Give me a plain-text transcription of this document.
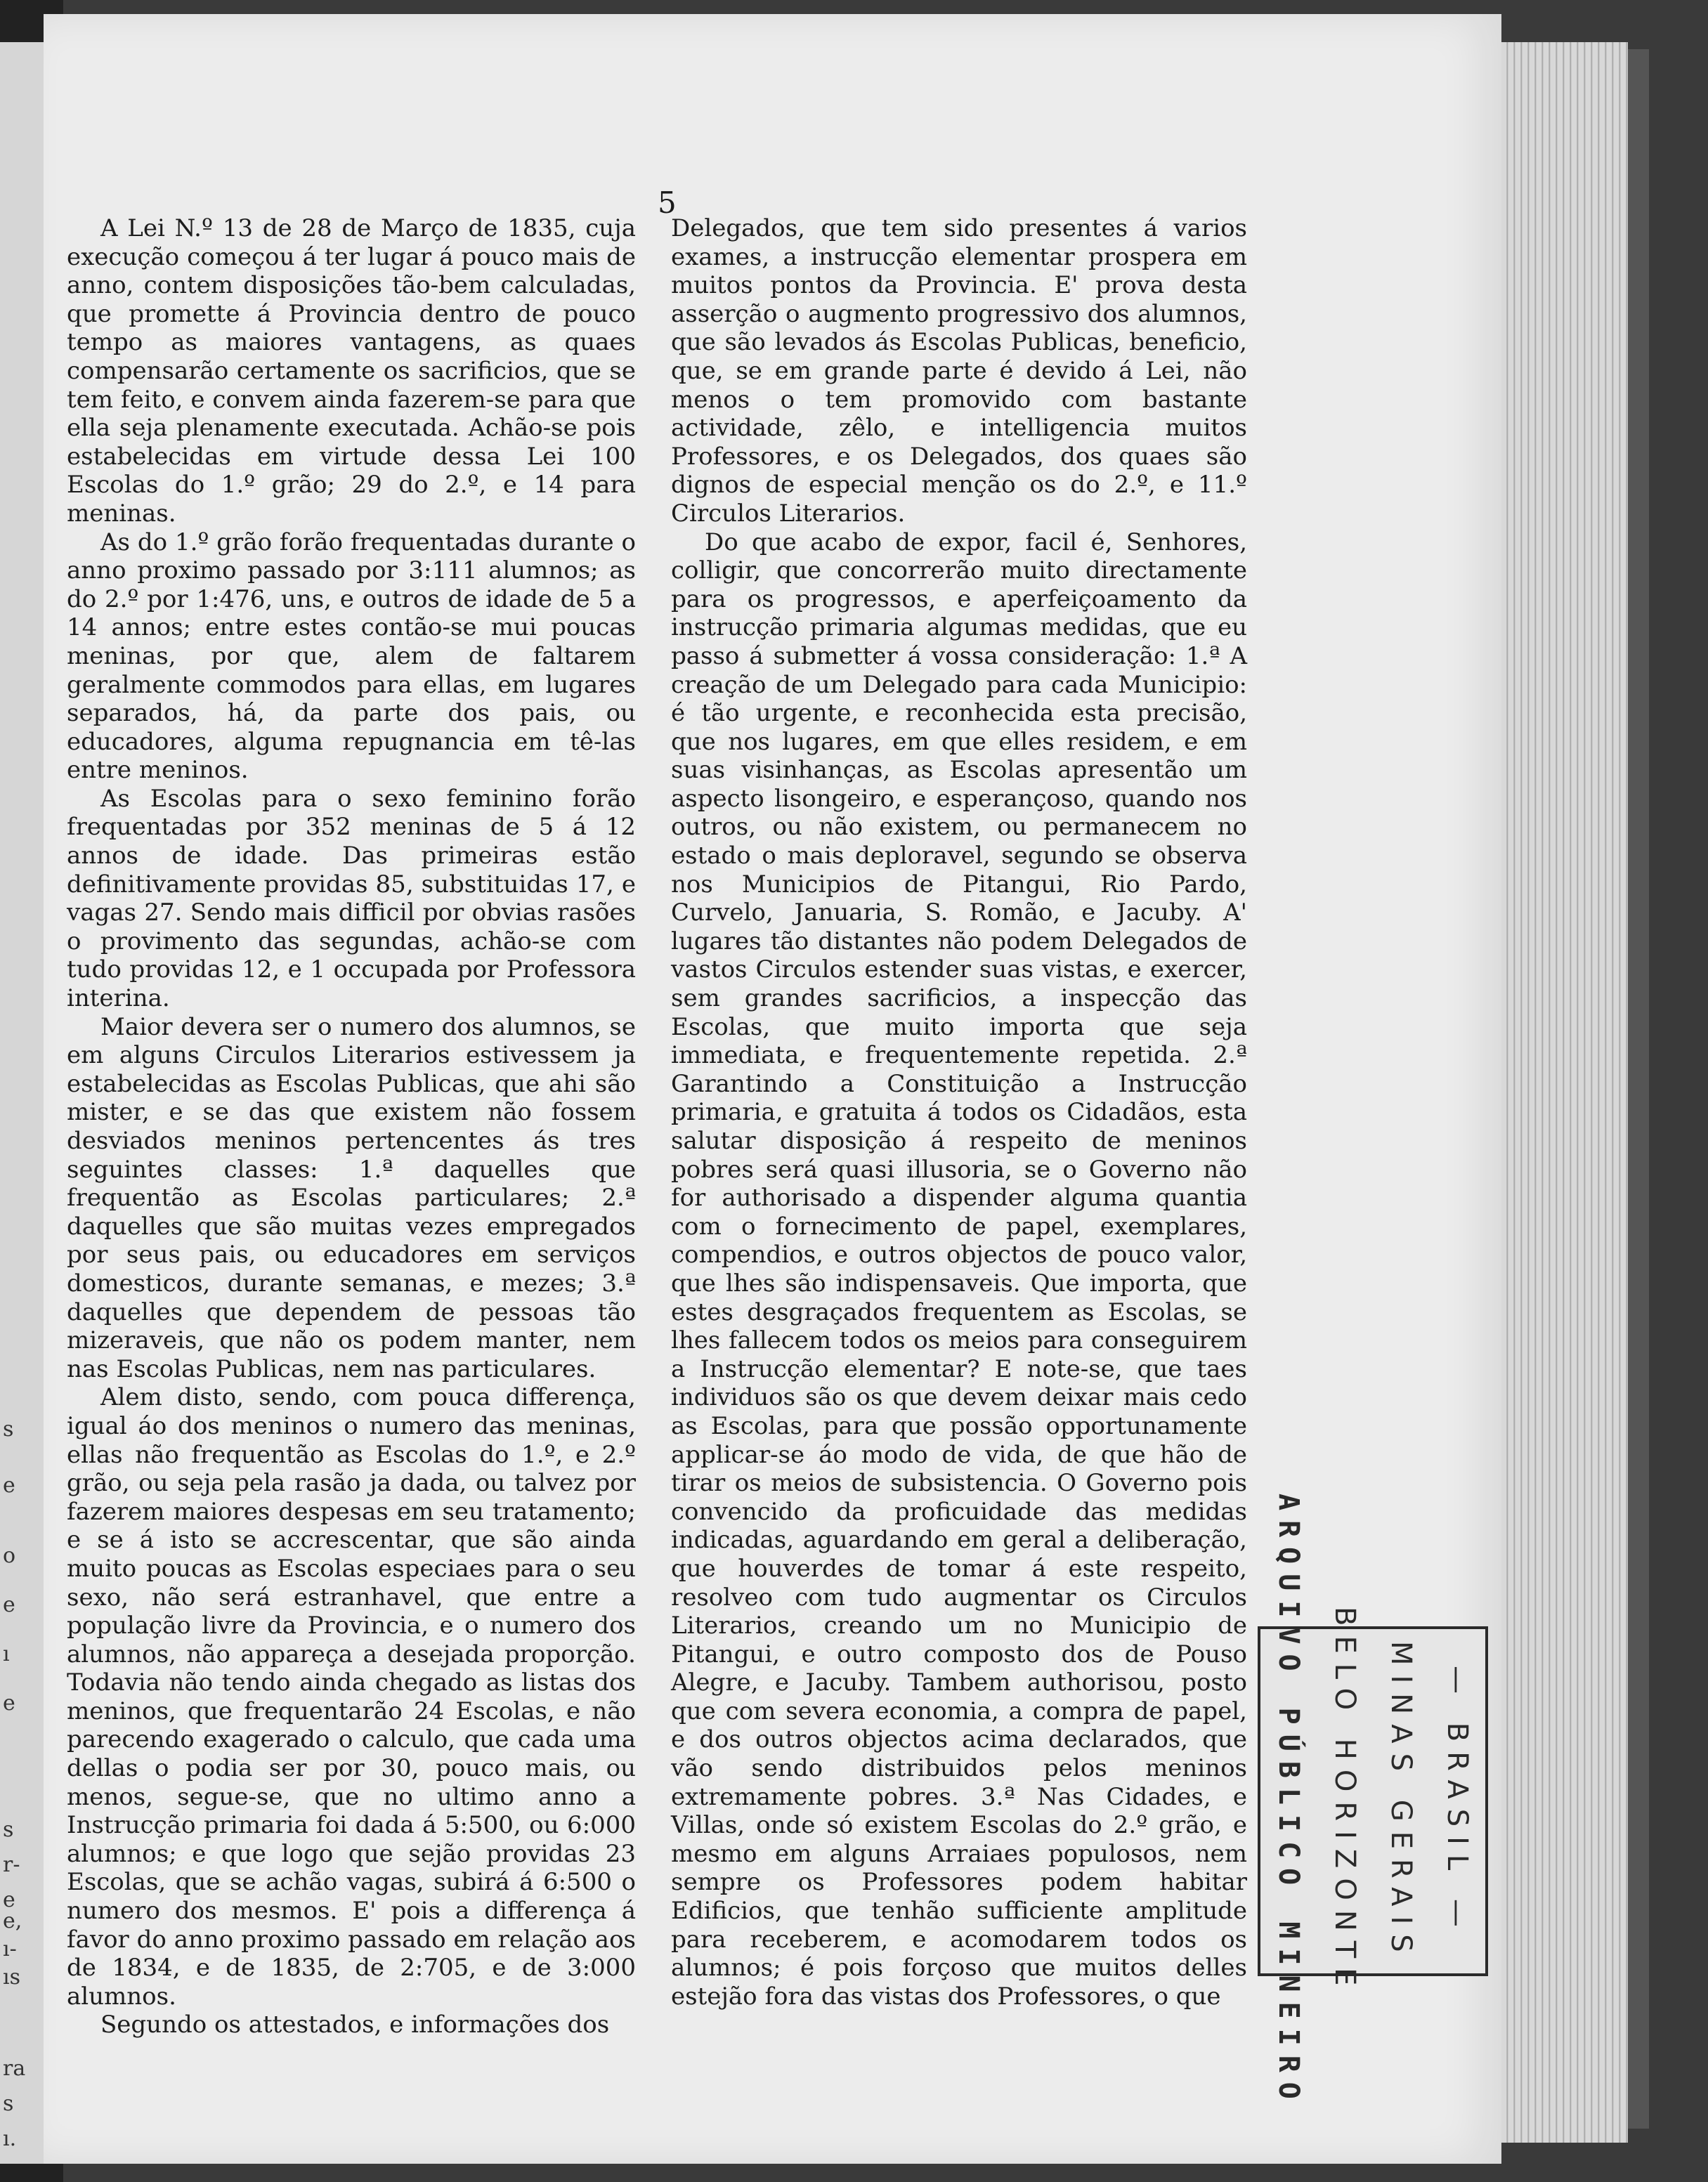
s
e
o
e
ı
e
s
r-
e
e,
ı-
ıs
ra
s
ı.
5

A Lei N.º 13 de 28 de Março de 1835, cuja execução começou á ter lugar á pouco mais de anno, contem disposições tão-bem calculadas, que promette á Provincia dentro de pouco tempo as maiores vantagens, as quaes compensarão certamente os sacrificios, que se tem feito, e convem ainda fazerem-se para que ella seja plenamente executada. Achão-se pois estabelecidas em virtude dessa Lei 100 Escolas do 1.º grão; 29 do 2.º, e 14 para meninas.

As do 1.º grão forão frequentadas durante o anno proximo passado por 3:111 alumnos; as do 2.º por 1:476, uns, e outros de idade de 5 a 14 annos; entre estes contão-se mui poucas meninas, por que, alem de faltarem geralmente commodos para ellas, em lugares separados, há, da parte dos pais, ou educadores, alguma repugnancia em tê-las entre meninos.

As Escolas para o sexo feminino forão frequentadas por 352 meninas de 5 á 12 annos de idade. Das primeiras estão definitivamente providas 85, substituidas 17, e vagas 27. Sendo mais difficil por obvias rasões o provimento das segundas, achão-se com tudo providas 12, e 1 occupada por Professora interina.

Maior devera ser o numero dos alumnos, se em alguns Circulos Literarios estivessem ja estabelecidas as Escolas Publicas, que ahi são mister, e se das que existem não fossem desviados meninos pertencentes ás tres seguintes classes: 1.ª daquelles que frequentão as Escolas particulares; 2.ª daquelles que são muitas vezes empregados por seus pais, ou educadores em serviços domesticos, durante semanas, e mezes; 3.ª daquelles que dependem de pessoas tão mizeraveis, que não os podem manter, nem nas Escolas Publicas, nem nas particulares.

Alem disto, sendo, com pouca differença, igual áo dos meninos o numero das meninas, ellas não frequentão as Escolas do 1.º, e 2.º grão, ou seja pela rasão ja dada, ou talvez por fazerem maiores despesas em seu tratamento; e se á isto se accrescentar, que são ainda muito poucas as Escolas especiaes para o seu sexo, não será estranhavel, que entre a população livre da Provincia, e o numero dos alumnos, não appareça a desejada proporção. Todavia não tendo ainda chegado as listas dos meninos, que frequentarão 24 Escolas, e não parecendo exagerado o calculo, que cada uma dellas o podia ser por 30, pouco mais, ou menos, segue-se, que no ultimo anno a Instrucção primaria foi dada á 5:500, ou 6:000 alumnos; e que logo que sejão providas 23 Escolas, que se achão vagas, subirá á 6:500 o numero dos mesmos. E' pois a differença á favor do anno proximo passado em relação aos de 1834, e de 1835, de 2:705, e de 3:000 alumnos.

Segundo os attestados, e informações dos

Delegados, que tem sido presentes á varios exames, a instrucção elementar prospera em muitos pontos da Provincia. E' prova desta asserção o augmento progressivo dos alumnos, que são levados ás Escolas Publicas, beneficio, que, se em grande parte é devido á Lei, não menos o tem promovido com bastante actividade, zêlo, e intelligencia muitos Professores, e os Delegados, dos quaes são dignos de especial menção os do 2.º, e 11.º Circulos Literarios.

Do que acabo de expor, facil é, Senhores, colligir, que concorrerão muito directamente para os progressos, e aperfeiçoamento da instrucção primaria algumas medidas, que eu passo á submetter á vossa consideração: 1.ª A creação de um Delegado para cada Municipio: é tão urgente, e reconhecida esta precisão, que nos lugares, em que elles residem, e em suas visinhanças, as Escolas apresentão um aspecto lisongeiro, e esperançoso, quando nos outros, ou não existem, ou permanecem no estado o mais deploravel, segundo se observa nos Municipios de Pitangui, Rio Pardo, Curvelo, Januaria, S. Romão, e Jacuby. A' lugares tão distantes não podem Delegados de vastos Circulos estender suas vistas, e exercer, sem grandes sacrificios, a inspecção das Escolas, que muito importa que seja immediata, e frequentemente repetida. 2.ª Garantindo a Constituição a Instrucção primaria, e gratuita á todos os Cidadãos, esta salutar disposição á respeito de meninos pobres será quasi illusoria, se o Governo não for authorisado a dispender alguma quantia com o fornecimento de papel, exemplares, compendios, e outros objectos de pouco valor, que lhes são indispensaveis. Que importa, que estes desgraçados frequentem as Escolas, se lhes fallecem todos os meios para conseguirem a Instrucção elementar? E note-se, que taes individuos são os que devem deixar mais cedo as Escolas, para que possão opportunamente applicar-se áo modo de vida, de que hão de tirar os meios de subsistencia. O Governo pois convencido da proficuidade das medidas indicadas, aguardando em geral a deliberação, que houverdes de tomar á este respeito, resolveo com tudo augmentar os Circulos Literarios, creando um no Municipio de Pitangui, e outro composto dos de Pouso Alegre, e Jacuby. Tambem authorisou, posto que com severa economia, a compra de papel, e dos outros objectos acima declarados, que vão sendo distribuidos pelos meninos extremamente pobres. 3.ª Nas Cidades, e Villas, onde só existem Escolas do 2.º grão, e mesmo em alguns Arraiaes populosos, nem sempre os Professores podem habitar Edificios, que tenhão sufficiente amplitude para receberem, e acomodarem todos os alumnos; é pois forçoso que muitos delles estejão fora das vistas dos Professores, o que	ARQUIVO PÚBLICO MINEIRO BELO HORIZONTE MINAS GERAIS — BRASIL —
